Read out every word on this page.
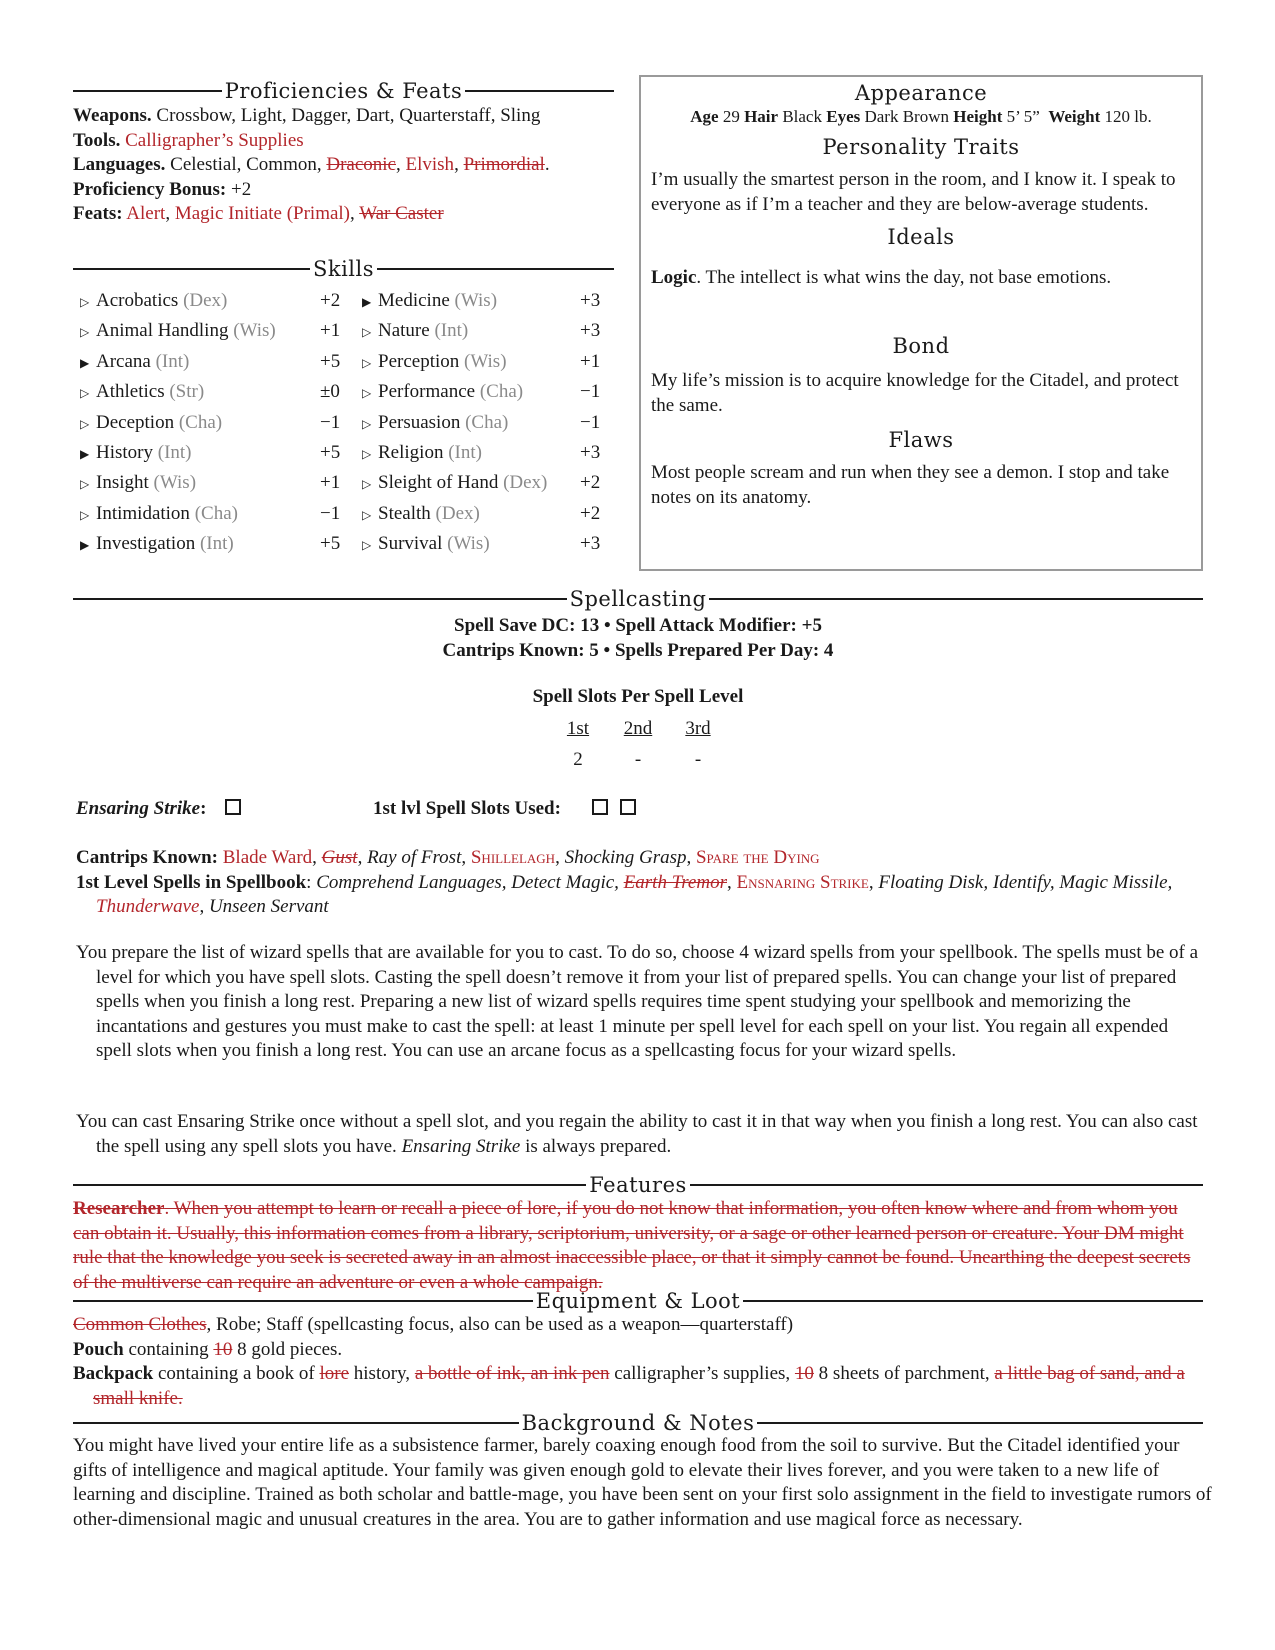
Proficiencies & Feats
Weapons. Crossbow, Light, Dagger, Dart, Quarterstaff, Sling
Tools. Calligrapher’s Supplies
Languages. Celestial, Common, Draconic, Elvish, Primordial.
Proficiency Bonus: +2
Feats: Alert, Magic Initiate (Primal), War Caster
Skills
▷ Acrobatics (Dex)	+2
▷ Animal Handling (Wis) +1
▶ Arcana (Int)	+5
▷ Athletics (Str)	±0
▷ Deception (Cha)	−1
▶ History (Int)	+5
▷ Insight (Wis)	+1
▷ Intimidation (Cha)	−1
▶ Investigation (Int)	+5
▶ Medicine (Wis)	+3
▷ Nature (Int)	+3
▷ Perception (Wis)	+1
▷ Performance (Cha)	−1
▷ Persuasion (Cha)	−1
▷ Religion (Int)	+3
▷ Sleight of Hand (Dex) +2
▷ Stealth (Dex)	+2
▷ Survival (Wis)	+3
Appearance
Age 29 Hair Black Eyes Dark Brown Height 5’ 5” Weight 120 lb.
Personality Traits
I’m usually the smartest person in the room, and I know it. I speak to everyone as if I’m a teacher and they are below-average students.
Ideals
Logic. The intellect is what wins the day, not base emotions.
Bond
My life’s mission is to acquire knowledge for the Citadel, and protect the same.
Flaws
Most people scream and run when they see a demon. I stop and take notes on its anatomy.
Spellcasting
Spell Save DC: 13 • Spell Attack Modifier: +5
Cantrips Known: 5 • Spells Prepared Per Day: 4
Spell Slots Per Spell Level
1st 2nd 3rd
2	-	-
Ensaring Strike:	1st lvl Spell Slots Used:
Cantrips Known: Blade Ward, Gust, Ray of Frost, Shillelagh, Shocking Grasp, Spare the Dying
1st Level Spells in Spellbook: Comprehend Languages, Detect Magic, Earth Tremor, Ensnaring Strike, Floating Disk, Identify, Magic Missile, Thunderwave, Unseen Servant
You prepare the list of wizard spells that are available for you to cast. To do so, choose 4 wizard spells from your spellbook. The spells must be of a level for which you have spell slots. Casting the spell doesn’t remove it from your list of prepared spells. You can change your list of prepared spells when you finish a long rest. Preparing a new list of wizard spells requires time spent studying your spellbook and memorizing the incantations and gestures you must make to cast the spell: at least 1 minute per spell level for each spell on your list. You regain all expended spell slots when you finish a long rest. You can use an arcane focus as a spellcasting focus for your wizard spells.
You can cast Ensaring Strike once without a spell slot, and you regain the ability to cast it in that way when you finish a long rest. You can also cast the spell using any spell slots you have. Ensaring Strike is always prepared.
Features
Researcher. When you attempt to learn or recall a piece of lore, if you do not know that information, you often know where and from whom you can obtain it. Usually, this information comes from a library, scriptorium, university, or a sage or other learned person or creature. Your DM might rule that the knowledge you seek is secreted away in an almost inaccessible place, or that it simply cannot be found. Unearthing the deepest secrets of the multiverse can require an adventure or even a whole campaign.
Equipment & Loot
Common Clothes, Robe; Staff (spellcasting focus, also can be used as a weapon—quarterstaff)
Pouch containing 10 8 gold pieces.
Backpack containing a book of lore history, a bottle of ink, an ink pen calligrapher’s supplies, 10 8 sheets of parchment, a little bag of sand, and a small knife.
Background & Notes
You might have lived your entire life as a subsistence farmer, barely coaxing enough food from the soil to survive. But the Citadel identified your gifts of intelligence and magical aptitude. Your family was given enough gold to elevate their lives forever, and you were taken to a new life of learning and discipline. Trained as both scholar and battle-mage, you have been sent on your first solo assignment in the field to investigate rumors of other-dimensional magic and unusual creatures in the area. You are to gather information and use magical force as necessary.
